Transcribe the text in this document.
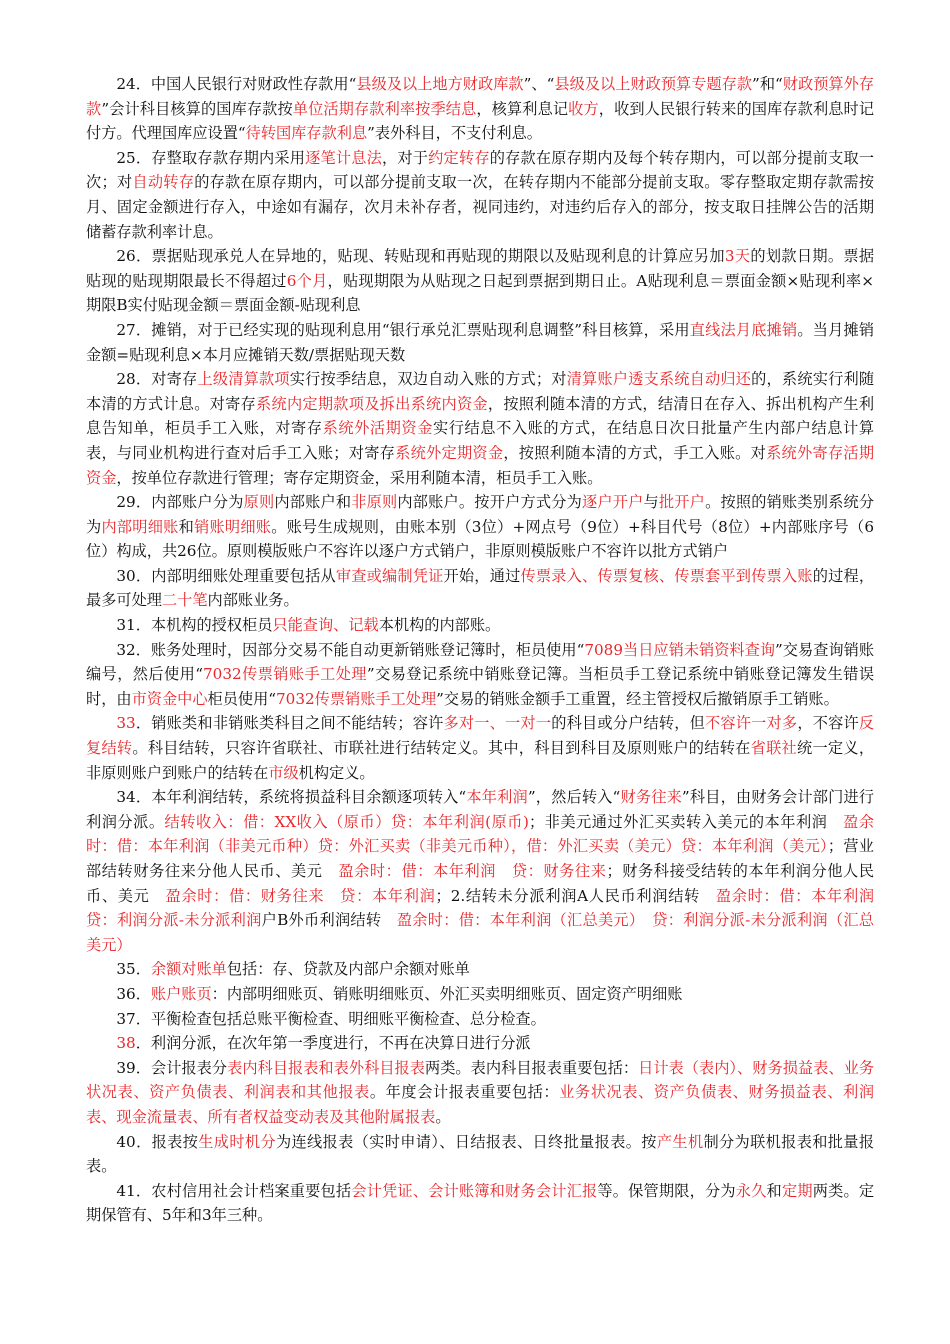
24．中国人民银行对财政性存款用“县级及以上地方财政库款”、“县级及以上财政预算专题存款”和“财政预算外存款”会计科目核算的国库存款按单位活期存款利率按季结息，核算利息记收方，收到人民银行转来的国库存款利息时记付方。代理国库应设置“待转国库存款利息”表外科目，不支付利息。

25．存整取存款存期内采用逐笔计息法，对于约定转存的存款在原存期内及每个转存期内，可以部分提前支取一次；对自动转存的存款在原存期内，可以部分提前支取一次，在转存期内不能部分提前支取。零存整取定期存款需按月、固定金额进行存入，中途如有漏存，次月未补存者，视同违约，对违约后存入的部分，按支取日挂牌公告的活期储蓄存款利率计息。

26．票据贴现承兑人在异地的，贴现、转贴现和再贴现的期限以及贴现利息的计算应另加3天的划款日期。票据贴现的贴现期限最长不得超过6个月，贴现期限为从贴现之日起到票据到期日止。A贴现利息＝票面金额×贴现利率×期限B实付贴现金额＝票面金额-贴现利息

27．摊销，对于已经实现的贴现利息用“银行承兑汇票贴现利息调整”科目核算，采用直线法月底摊销。当月摊销金额=贴现利息×本月应摊销天数/票据贴现天数

28．对寄存上级清算款项实行按季结息，双边自动入账的方式；对清算账户透支系统自动归还的，系统实行利随本清的方式计息。对寄存系统内定期款项及拆出系统内资金，按照利随本清的方式，结清日在存入、拆出机构产生利息告知单，柜员手工入账，对寄存系统外活期资金实行结息不入账的方式，在结息日次日批量产生内部户结息计算表，与同业机构进行查对后手工入账；对寄存系统外定期资金，按照利随本清的方式，手工入账。对系统外寄存活期资金，按单位存款进行管理；寄存定期资金，采用利随本清，柜员手工入账。

29．内部账户分为原则内部账户和非原则内部账户。按开户方式分为逐户开户与批开户。按照的销账类别系统分为内部明细账和销账明细账。账号生成规则，由账本别（3位）+网点号（9位）+科目代号（8位）+内部账序号（6位）构成，共26位。原则模版账户不容许以逐户方式销户，非原则模版账户不容许以批方式销户

30．内部明细账处理重要包括从审查或编制凭证开始，通过传票录入、传票复核、传票套平到传票入账的过程，最多可处理二十笔内部账业务。

31．本机构的授权柜员只能查询、记载本机构的内部账。

32．账务处理时，因部分交易不能自动更新销账登记簿时，柜员使用“7089当日应销未销资料查询”交易查询销账编号，然后使用“7032传票销账手工处理”交易登记系统中销账登记簿。当柜员手工登记系统中销账登记簿发生错误时，由市资金中心柜员使用“7032传票销账手工处理”交易的销账金额手工重置，经主管授权后撤销原手工销账。

33．销账类和非销账类科目之间不能结转；容许多对一、一对一的科目或分户结转，但不容许一对多，不容许反复结转。科目结转，只容许省联社、市联社进行结转定义。其中，科目到科目及原则账户的结转在省联社统一定义，非原则账户到账户的结转在市级机构定义。

34．本年利润结转，系统将损益科目余额逐项转入“本年利润”，然后转入“财务往来”科目，由财务会计部门进行利润分派。结转收入：借：XX收入（原币）贷：本年利润(原币)；非美元通过外汇买卖转入美元的本年利润　盈余时：借：本年利润（非美元币种）贷：外汇买卖（非美元币种），借：外汇买卖（美元）贷：本年利润（美元）；营业部结转财务往来分他人民币、美元　盈余时：借：本年利润　贷：财务往来；财务科接受结转的本年利润分他人民币、美元　盈余时：借：财务往来　贷：本年利润；2.结转未分派利润A人民币利润结转　盈余时：借：本年利润　贷：利润分派-未分派利润户B外币利润结转　盈余时：借：本年利润（汇总美元）　贷：利润分派-未分派利润（汇总美元）

35．余额对账单包括：存、贷款及内部户余额对账单

36．账户账页：内部明细账页、销账明细账页、外汇买卖明细账页、固定资产明细账

37．平衡检查包括总账平衡检查、明细账平衡检查、总分检查。

38．利润分派，在次年第一季度进行，不再在决算日进行分派

39．会计报表分表内科目报表和表外科目报表两类。表内科目报表重要包括：日计表（表内）、财务损益表、业务状况表、资产负债表、利润表和其他报表。年度会计报表重要包括：业务状况表、资产负债表、财务损益表、利润表、现金流量表、所有者权益变动表及其他附属报表。

40．报表按生成时机分为连线报表（实时申请）、日结报表、日终批量报表。按产生机制分为联机报表和批量报表。

41．农村信用社会计档案重要包括会计凭证、会计账簿和财务会计汇报等。保管期限，分为永久和定期两类。定期保管有、5年和3年三种。
